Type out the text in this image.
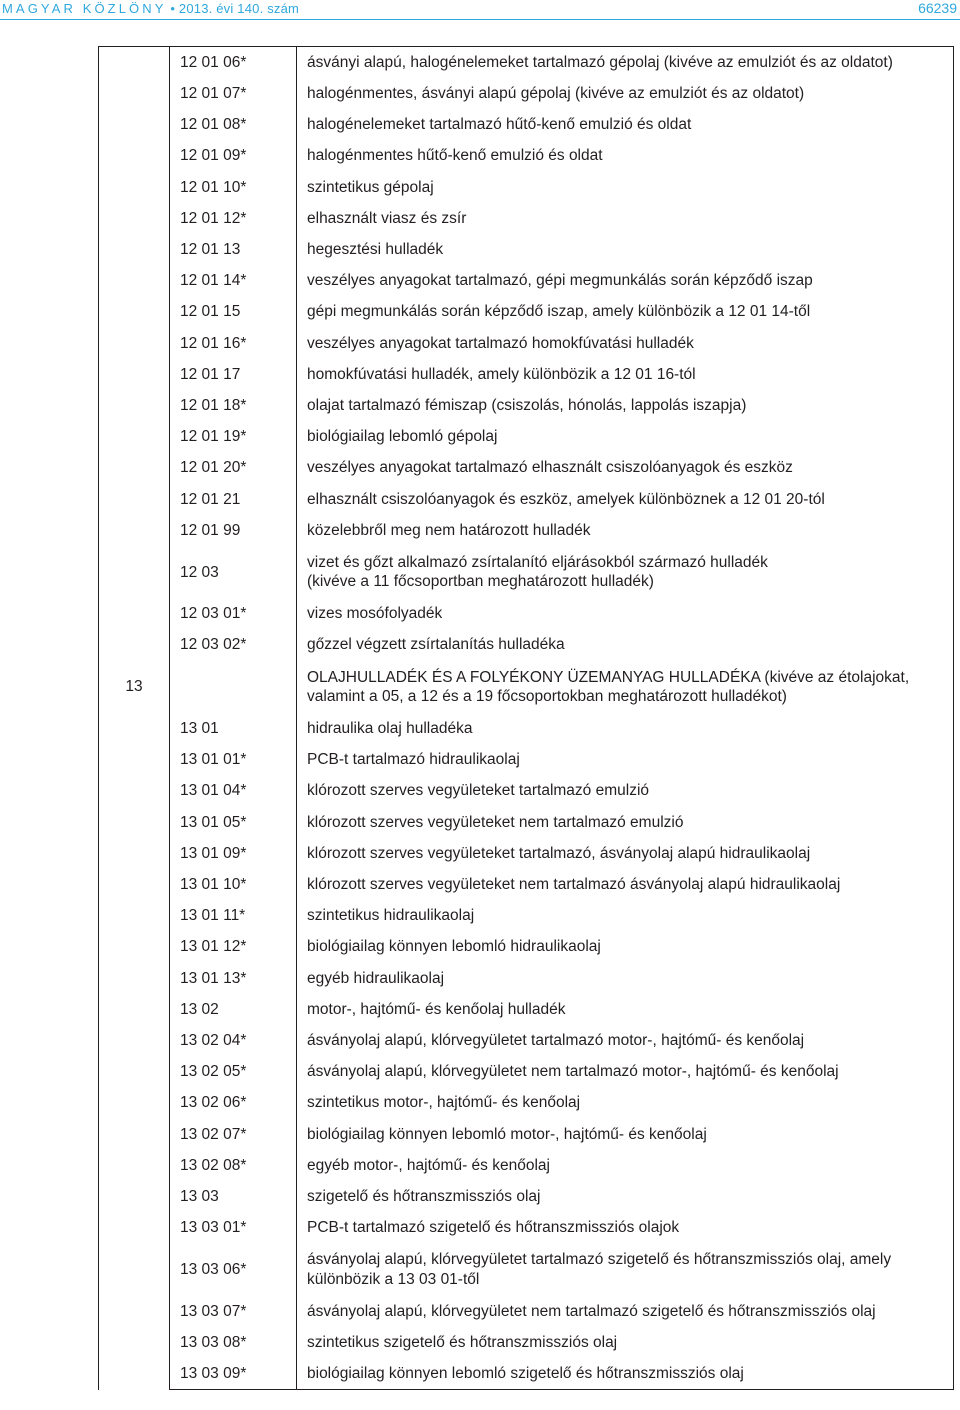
MAGYAR KÖZLÖNY • 2013. évi 140. szám	66239
13	12 01 06*	ásványi alapú, halogénelemeket tartalmazó gépolaj (kivéve az emulziót és az oldatot)

	12 01 07*	halogénmentes, ásványi alapú gépolaj (kivéve az emulziót és az oldatot)

	12 01 08*	halogénelemeket tartalmazó hűtő-kenő emulzió és oldat

	12 01 09*	halogénmentes hűtő-kenő emulzió és oldat

	12 01 10*	szintetikus gépolaj

	12 01 12*	elhasznált viasz és zsír

	12 01 13	hegesztési hulladék

	12 01 14*	veszélyes anyagokat tartalmazó, gépi megmunkálás során képződő iszap

	12 01 15	gépi megmunkálás során képződő iszap, amely különbözik a 12 01 14-től

	12 01 16*	veszélyes anyagokat tartalmazó homokfúvatási hulladék

	12 01 17	homokfúvatási hulladék, amely különbözik a 12 01 16-tól

	12 01 18*	olajat tartalmazó fémiszap (csiszolás, hónolás, lappolás iszapja)

	12 01 19*	biológiailag lebomló gépolaj

	12 01 20*	veszélyes anyagokat tartalmazó elhasznált csiszolóanyagok és eszköz

	12 01 21	elhasznált csiszolóanyagok és eszköz, amelyek különböznek a 12 01 20-tól

	12 01 99	közelebbről meg nem határozott hulladék

	12 03	vizet és gőzt alkalmazó zsírtalanító eljárásokból származó hulladék
(kivéve a 11 főcsoportban meghatározott hulladék)

	12 03 01*	vizes mosófolyadék

	12 03 02*	gőzzel végzett zsírtalanítás hulladéka

		OLAJHULLADÉK ÉS A FOLYÉKONY ÜZEMANYAG HULLADÉKA (kivéve az étolajokat,
valamint a 05, a 12 és a 19 főcsoportokban meghatározott hulladékot)

	13 01	hidraulika olaj hulladéka

	13 01 01*	PCB-t tartalmazó hidraulikaolaj

	13 01 04*	klórozott szerves vegyületeket tartalmazó emulzió

	13 01 05*	klórozott szerves vegyületeket nem tartalmazó emulzió

	13 01 09*	klórozott szerves vegyületeket tartalmazó, ásványolaj alapú hidraulikaolaj

	13 01 10*	klórozott szerves vegyületeket nem tartalmazó ásványolaj alapú hidraulikaolaj

	13 01 11*	szintetikus hidraulikaolaj

	13 01 12*	biológiailag könnyen lebomló hidraulikaolaj

	13 01 13*	egyéb hidraulikaolaj

	13 02	motor-, hajtómű- és kenőolaj hulladék

	13 02 04*	ásványolaj alapú, klórvegyületet tartalmazó motor-, hajtómű- és kenőolaj

	13 02 05*	ásványolaj alapú, klórvegyületet nem tartalmazó motor-, hajtómű- és kenőolaj

	13 02 06*	szintetikus motor-, hajtómű- és kenőolaj

	13 02 07*	biológiailag könnyen lebomló motor-, hajtómű- és kenőolaj

	13 02 08*	egyéb motor-, hajtómű- és kenőolaj

	13 03	szigetelő és hőtranszmissziós olaj

	13 03 01*	PCB-t tartalmazó szigetelő és hőtranszmissziós olajok

	13 03 06*	ásványolaj alapú, klórvegyületet tartalmazó szigetelő és hőtranszmissziós olaj, amely
különbözik a 13 03 01-től

	13 03 07*	ásványolaj alapú, klórvegyületet nem tartalmazó szigetelő és hőtranszmissziós olaj

	13 03 08*	szintetikus szigetelő és hőtranszmissziós olaj

	13 03 09*	biológiailag könnyen lebomló szigetelő és hőtranszmissziós olaj
